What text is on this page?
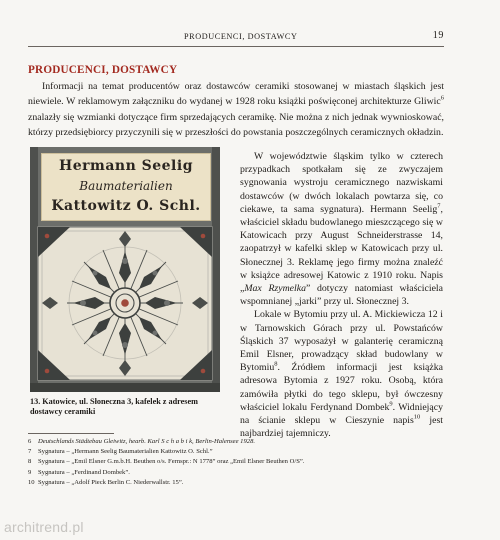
PRODUCENCI, DOSTAWCY	19
PRODUCENCI, DOSTAWCY

Informacji na temat producentów oraz dostawców ceramiki stosowanej w miastach śląskich jest niewiele. W reklamowym załączniku do wydanej w 1928 roku książki poświęconej architekturze Gliwic$^6$ znalazły się wzmianki dotyczące firm sprzedających ceramikę. Nie można z nich jednak wywnioskować, którzy przedsiębiorcy przyczynili się w przeszłości do powstania poszczególnych ceramicznych okładzin.

Hermann Seelig
Baumaterialien
Kattowitz O. Schl.

13. Katowice, ul. Słoneczna 3, kafelek z adresem dostawcy ceramiki

W województwie śląskim tylko w czterech przypadkach spotkałam się ze zwyczajem sygnowania wystroju ceramicznego nazwiskami dostawców (w dwóch lokalach powtarza się, co ciekawe, ta sama sygnatura). Hermann Seelig$^7$, właściciel składu budowlanego mieszczącego się w Katowicach przy August Schneiderstrasse 14, zaopatrzył w kafelki sklep w Katowicach przy ul. Słonecznej 3. Reklamę jego firmy można znaleźć w książce adresowej Katowic z 1910 roku. Napis „Max Rzymelka” dotyczy natomiast właściciela wspomnianej „jarki” przy ul. Słonecznej 3.

Lokale w Bytomiu przy ul. A. Mickiewicza 12 i w Tarnowskich Górach przy ul. Powstańców Śląskich 37 wyposażył w galanterię ceramiczną Emil Elsner, prowadzący skład budowlany w Bytomiu$^8$. Źródłem informacji jest książka adresowa Bytomia z 1927 roku. Osobą, która zamówiła płytki do tego sklepu, był ówczesny właściciel lokalu Ferdynand Dombek$^9$. Widniejący na ścianie sklepu w Cieszynie napis$^{10}$ jest najbardziej tajemniczy.

6 Deutschlands Städtebau Gleiwitz, hearb. Karl S c h a b i k, Berlin-Halensee 1928.
7 Sygnatura – „Hermann Seelig Baumaterialien Kattowitz O. Schl.”
8 Sygnatura – „Emil Elsner G.m.b.H. Beuthen o/s. Fernspr.: N 1778” oraz „Emil Elsner Beuthen O/S”.
9 Sygnatura – „Ferdinand Dombek”.
10 Sygnatura – „Adolf Pieck Berlin C. Niederwallstr. 15”.
architrend.pl
